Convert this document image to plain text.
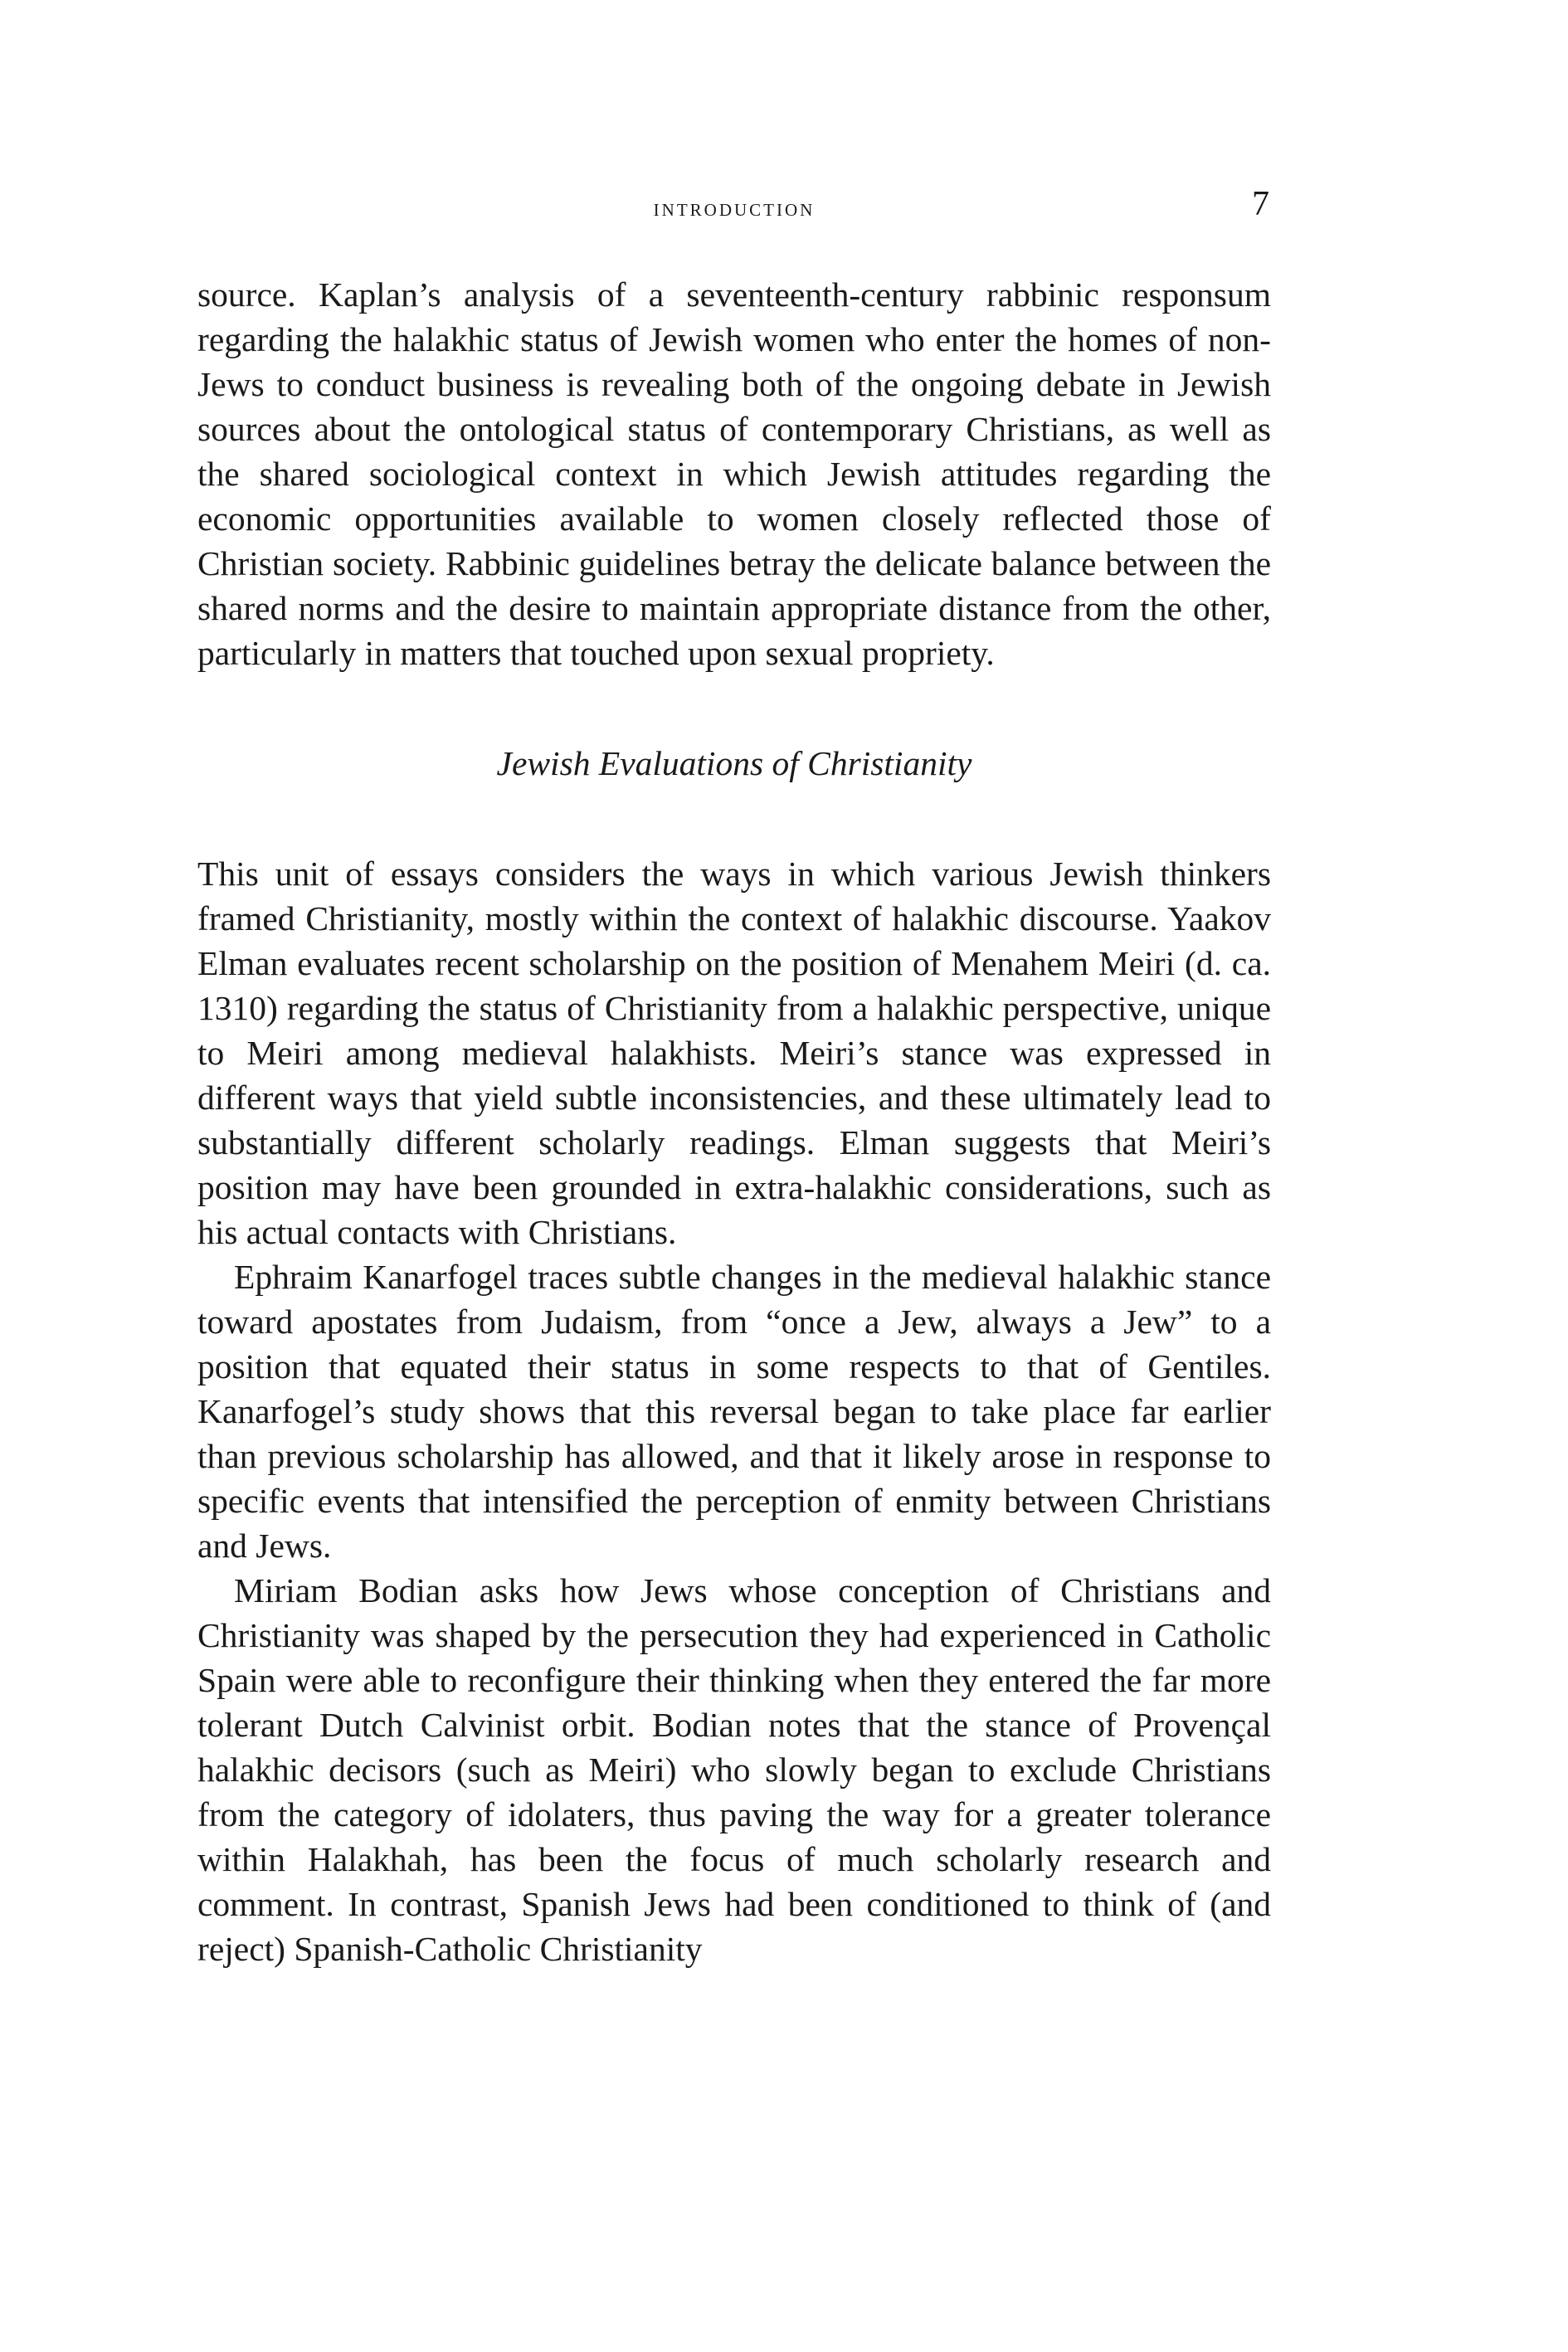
introduction	7

source. Kaplan’s analysis of a seventeenth-century rabbinic responsum regarding the halakhic status of Jewish women who enter the homes of non-Jews to conduct business is revealing both of the ongoing debate in Jewish sources about the ontological status of contemporary Christians, as well as the shared sociological context in which Jewish attitudes regarding the economic opportunities available to women closely reflected those of Christian society. Rabbinic guidelines betray the delicate balance between the shared norms and the desire to maintain appropriate distance from the other, particularly in matters that touched upon sexual propriety.

Jewish Evaluations of Christianity

This unit of essays considers the ways in which various Jewish thinkers framed Christianity, mostly within the context of halakhic discourse. Yaakov Elman evaluates recent scholarship on the position of Menahem Meiri (d. ca. 1310) regarding the status of Christianity from a halakhic perspective, unique to Meiri among medieval halakhists. Meiri’s stance was expressed in different ways that yield subtle inconsistencies, and these ultimately lead to substantially different scholarly readings. Elman suggests that Meiri’s position may have been grounded in extra-halakhic considerations, such as his actual contacts with Christians.

Ephraim Kanarfogel traces subtle changes in the medieval halakhic stance toward apostates from Judaism, from “once a Jew, always a Jew” to a position that equated their status in some respects to that of Gentiles. Kanarfogel’s study shows that this reversal began to take place far earlier than previous scholarship has allowed, and that it likely arose in response to specific events that intensified the perception of enmity between Christians and Jews.

Miriam Bodian asks how Jews whose conception of Christians and Christianity was shaped by the persecution they had experienced in Catholic Spain were able to reconfigure their thinking when they entered the far more tolerant Dutch Calvinist orbit. Bodian notes that the stance of Provençal halakhic decisors (such as Meiri) who slowly began to exclude Christians from the category of idolaters, thus paving the way for a greater tolerance within Halakhah, has been the focus of much scholarly research and comment. In contrast, Spanish Jews had been conditioned to think of (and reject) Spanish-Catholic Christianity
